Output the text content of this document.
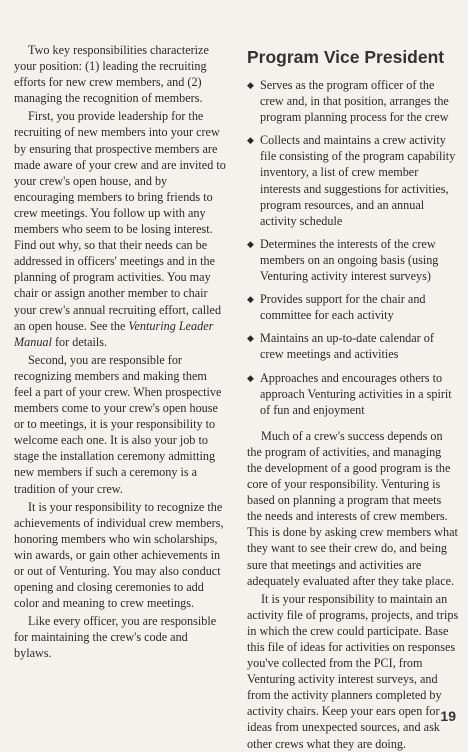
Two key responsibilities characterize your position: (1) leading the recruiting efforts for new crew members, and (2) managing the recognition of members.

First, you provide leadership for the recruiting of new members into your crew by ensuring that prospective members are made aware of your crew and are invited to your crew's open house, and by encouraging members to bring friends to crew meetings. You follow up with any members who seem to be losing interest. Find out why, so that their needs can be addressed in officers' meetings and in the planning of program activities. You may chair or assign another member to chair your crew's annual recruiting effort, called an open house. See the Venturing Leader Manual for details.

Second, you are responsible for recognizing members and making them feel a part of your crew. When prospective members come to your crew's open house or to meetings, it is your responsibility to welcome each one. It is also your job to stage the installation ceremony admitting new members if such a ceremony is a tradition of your crew.

It is your responsibility to recognize the achievements of individual crew members, honoring members who win scholarships, win awards, or gain other achievements in or out of Venturing. You may also conduct opening and closing ceremonies to add color and meaning to crew meetings.

Like every officer, you are responsible for maintaining the crew's code and bylaws.

Program Vice President
◆ Serves as the program officer of the crew and, in that position, arranges the program planning process for the crew
◆ Collects and maintains a crew activity file consisting of the program capability inventory, a list of crew member interests and suggestions for activities, program resources, and an annual activity schedule
◆ Determines the interests of the crew members on an ongoing basis (using Venturing activity interest surveys)
◆ Provides support for the chair and committee for each activity
◆ Maintains an up-to-date calendar of crew meetings and activities
◆ Approaches and encourages others to approach Venturing activities in a spirit of fun and enjoyment

Much of a crew's success depends on the program of activities, and managing the development of a good program is the core of your responsibility. Venturing is based on planning a program that meets the needs and interests of crew members. This is done by asking crew members what they want to see their crew do, and being sure that meetings and activities are adequately evaluated after they take place.

It is your responsibility to maintain an activity file of programs, projects, and trips in which the crew could participate. Base this file of ideas for activities on responses you've collected from the PCI, from Venturing activity interest surveys, and from the activity planners completed by activity chairs. Keep your ears open for ideas from unexpected sources, and ask other crews what they are doing.

19
